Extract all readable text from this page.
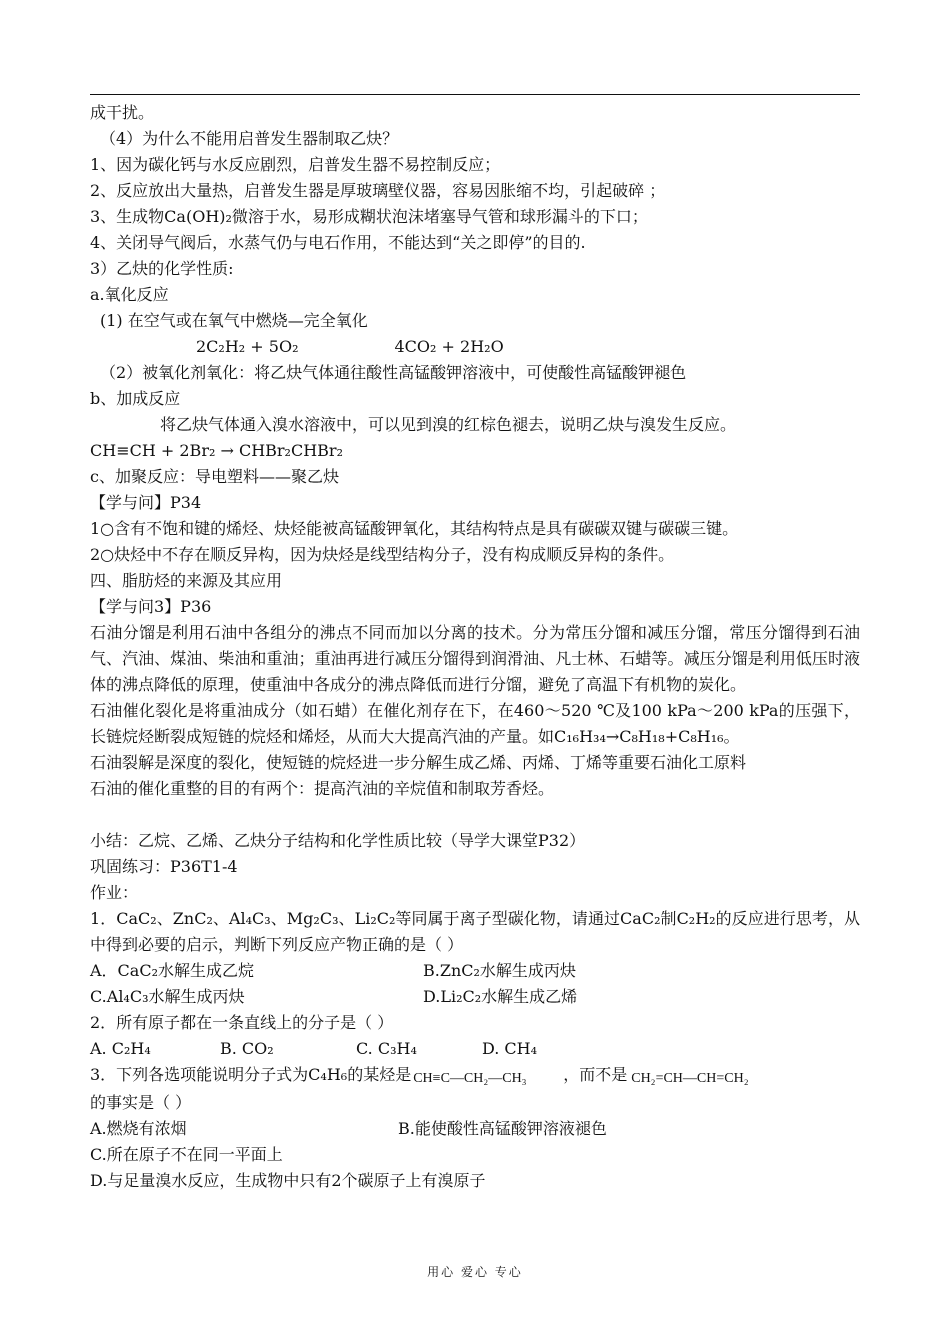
成干扰。

（4）为什么不能用启普发生器制取乙炔？

1、因为碳化钙与水反应剧烈，启普发生器不易控制反应；

2、反应放出大量热，启普发生器是厚玻璃壁仪器，容易因胀缩不均，引起破碎 ；

3、生成物Ca(OH)₂微溶于水，易形成糊状泡沫堵塞导气管和球形漏斗的下口；

4、关闭导气阀后，水蒸气仍与电石作用，不能达到“关之即停”的目的.

3）乙炔的化学性质:

a.氧化反应

(1) 在空气或在氧气中燃烧—完全氧化

2C₂H₂ + 5O₂	4CO₂ + 2H₂O

（2）被氧化剂氧化：将乙炔气体通往酸性高锰酸钾溶液中，可使酸性高锰酸钾褪色

b、加成反应

将乙炔气体通入溴水溶液中，可以见到溴的红棕色褪去，说明乙炔与溴发生反应。

CH≡CH + 2Br₂ → CHBr₂CHBr₂

c、加聚反应：导电塑料——聚乙炔

【学与问】P34

1○含有不饱和键的烯烃、炔烃能被高锰酸钾氧化，其结构特点是具有碳碳双键与碳碳三键。

2○炔烃中不存在顺反异构，因为炔烃是线型结构分子，没有构成顺反异构的条件。

四、脂肪烃的来源及其应用

【学与问3】P36

石油分馏是利用石油中各组分的沸点不同而加以分离的技术。分为常压分馏和减压分馏，常压分馏得到石油气、汽油、煤油、柴油和重油；重油再进行减压分馏得到润滑油、凡士林、石蜡等。减压分馏是利用低压时液体的沸点降低的原理，使重油中各成分的沸点降低而进行分馏，避免了高温下有机物的炭化。

石油催化裂化是将重油成分（如石蜡）在催化剂存在下，在460～520 ℃及100 kPa～200 kPa的压强下，长链烷烃断裂成短链的烷烃和烯烃，从而大大提高汽油的产量。如C₁₆H₃₄→C₈H₁₈+C₈H₁₆。

石油裂解是深度的裂化，使短链的烷烃进一步分解生成乙烯、丙烯、丁烯等重要石油化工原料

石油的催化重整的目的有两个：提高汽油的辛烷值和制取芳香烃。

小结：乙烷、乙烯、乙炔分子结构和化学性质比较（导学大课堂P32）

巩固练习：P36T1-4

作业：

1．CaC₂、ZnC₂、Al₄C₃、Mg₂C₃、Li₂C₂等同属于离子型碳化物，请通过CaC₂制C₂H₂的反应进行思考，从中得到必要的启示，判断下列反应产物正确的是（ ）

A．CaC₂水解生成乙烷	B.ZnC₂水解生成丙炔

C.Al₄C₃水解生成丙炔	D.Li₂C₂水解生成乙烯

2．所有原子都在一条直线上的分子是（ ）

A. C₂H₄	B. CO₂	C. C₃H₄	D. CH₄

3．下列各选项能说明分子式为C₄H₆的某烃是 CH≡C—CH₂—CH₃ ，而不是 CH₂=CH—CH=CH₂

的事实是（ ）

A.燃烧有浓烟	B.能使酸性高锰酸钾溶液褪色

C.所在原子不在同一平面上

D.与足量溴水反应，生成物中只有2个碳原子上有溴原子

用心 爱心 专心
